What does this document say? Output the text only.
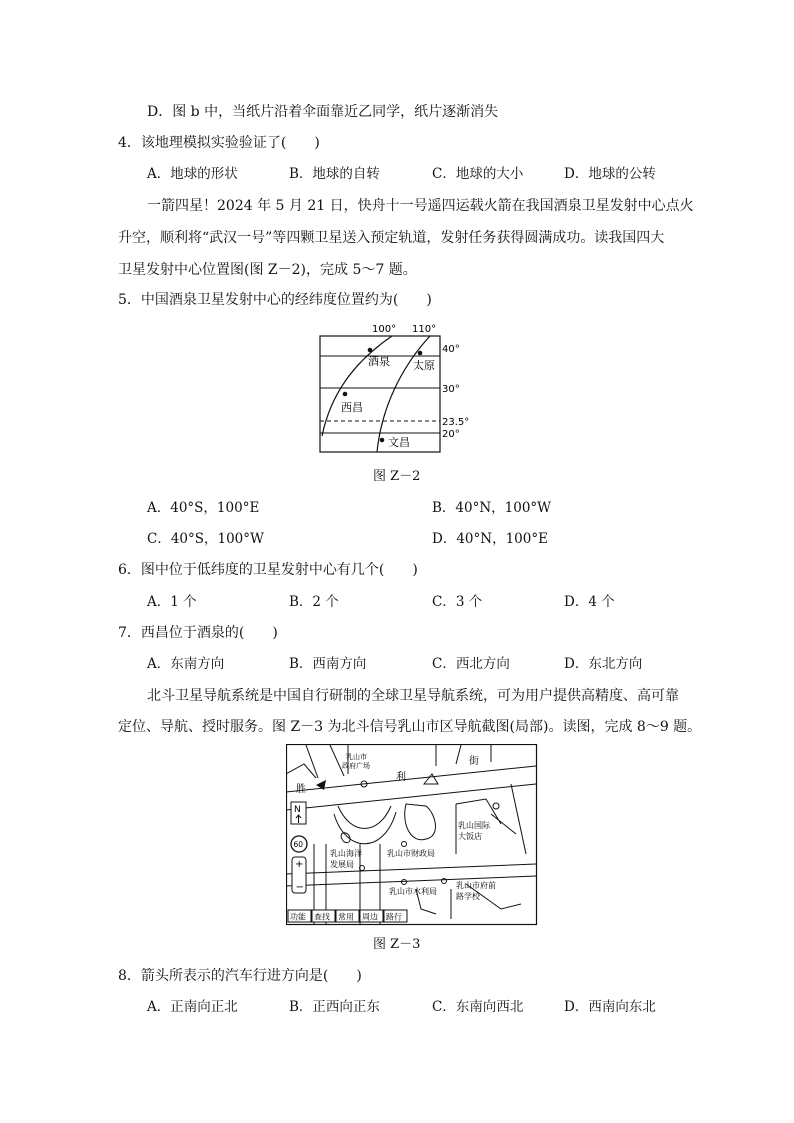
D．图 b 中，当纸片沿着伞面靠近乙同学，纸片逐渐消失
4．该地理模拟实验验证了(　　)
A．地球的形状	B．地球的自转	C．地球的大小	D．地球的公转
一箭四星！2024 年 5 月 21 日，快舟十一号遥四运载火箭在我国酒泉卫星发射中心点火
升空，顺利将“武汉一号”等四颗卫星送入预定轨道，发射任务获得圆满成功。读我国四大
卫星发射中心位置图(图 Z－2)，完成 5～7 题。
5．中国酒泉卫星发射中心的经纬度位置约为(　　)
100° 110°
40°
30°
23.5°
20°
酒泉 太原
西昌
文昌
图 Z－2
A．40°S，100°E	B．40°N，100°W
C．40°S，100°W	D．40°N，100°E
6．图中位于低纬度的卫星发射中心有几个(　　)
A．1 个	B．2 个	C．3 个	D．4 个
7．西昌位于酒泉的(　　)
A．东南方向	B．西南方向	C．西北方向	D．东北方向
北斗卫星导航系统是中国自行研制的全球卫星导航系统，可为用户提供高精度、高可靠
定位、导航、授时服务。图 Z－3 为北斗信号乳山市区导航截图(局部)。读图，完成 8～9 题。
乳山市
政府广场
胜
利
街
乳山国际
大饭店
乳山海洋
发展局
乳山市财政局
乳山市水利局
乳山市府前
路学校
N
60
+
−
功能 查找 常用 周边 路行
图 Z－3
8．箭头所表示的汽车行进方向是(　　)
A．正南向正北	B．正西向正东	C．东南向西北	D．西南向东北
